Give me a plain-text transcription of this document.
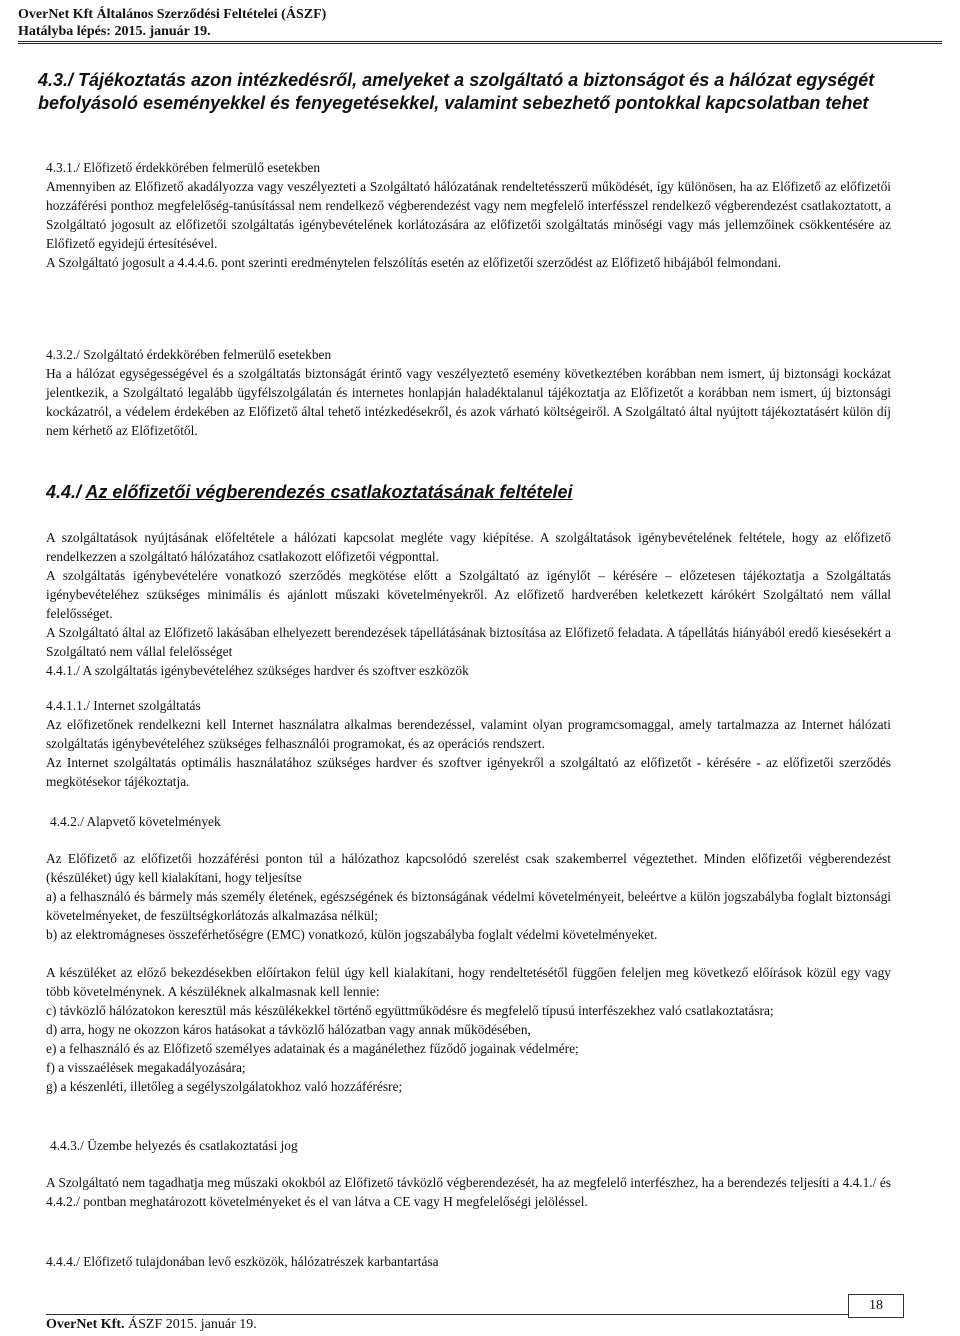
OverNet Kft Általános Szerződési Feltételei (ÁSZF)
Hatályba lépés: 2015. január 19.
4.3./ Tájékoztatás azon intézkedésről, amelyeket a szolgáltató a biztonságot és a hálózat egységét befolyásoló eseményekkel és fenyegetésekkel, valamint sebezhető pontokkal kapcsolatban tehet

4.3.1./ Előfizető érdekkörében felmerülő esetekben

Amennyiben az Előfizető akadályozza vagy veszélyezteti a Szolgáltató hálózatának rendeltetésszerű működését, így különösen, ha az Előfizető az előfizetői hozzáférési ponthoz megfelelőség-tanúsítással nem rendelkező végberendezést vagy nem megfelelő interfésszel rendelkező végberendezést csatlakoztatott, a Szolgáltató jogosult az előfizetői szolgáltatás igénybevételének korlátozására az előfizetői szolgáltatás minőségi vagy más jellemzőinek csökkentésére az Előfizető egyidejű értesítésével.

A Szolgáltató jogosult a 4.4.4.6. pont szerinti eredménytelen felszólítás esetén az előfizetői szerződést az Előfizető hibájából felmondani.

4.3.2./ Szolgáltató érdekkörében felmerülő esetekben

Ha a hálózat egységességével és a szolgáltatás biztonságát érintő vagy veszélyeztető esemény következtében korábban nem ismert, új biztonsági kockázat jelentkezik, a Szolgáltató legalább ügyfélszolgálatán és internetes honlapján haladéktalanul tájékoztatja az Előfizetőt a korábban nem ismert, új biztonsági kockázatról, a védelem érdekében az Előfizető által tehető intézkedésekről, és azok várható költségeiről. A Szolgáltató által nyújtott tájékoztatásért külön díj nem kérhető az Előfizetőtől.

4.4./ Az előfizetői végberendezés csatlakoztatásának feltételei

A szolgáltatások nyújtásának előfeltétele a hálózati kapcsolat megléte vagy kiépítése. A szolgáltatások igénybevételének feltétele, hogy az előfizető rendelkezzen a szolgáltató hálózatához csatlakozott előfizetői végponttal.

A szolgáltatás igénybevételére vonatkozó szerződés megkötése előtt a Szolgáltató az igénylőt – kérésére – előzetesen tájékoztatja a Szolgáltatás igénybevételéhez szükséges minimális és ajánlott műszaki követelményekről. Az előfizető hardverében keletkezett kárókért Szolgáltató nem vállal felelősséget.

A Szolgáltató által az Előfizető lakásában elhelyezett berendezések tápellátásának biztosítása az Előfizető feladata. A tápellátás hiányából eredő kiesésekért a Szolgáltató nem vállal felelősséget

4.4.1./ A szolgáltatás igénybevételéhez szükséges hardver és szoftver eszközök

4.4.1.1./ Internet szolgáltatás

Az előfizetőnek rendelkezni kell Internet használatra alkalmas berendezéssel, valamint olyan programcsomaggal, amely tartalmazza az Internet hálózati szolgáltatás igénybevételéhez szükséges felhasználói programokat, és az operációs rendszert.

Az Internet szolgáltatás optimális használatához szükséges hardver és szoftver igényekről a szolgáltató az előfizetőt - kérésére - az előfizetői szerződés megkötésekor tájékoztatja.

4.4.2./ Alapvető követelmények

Az Előfizető az előfizetői hozzáférési ponton túl a hálózathoz kapcsolódó szerelést csak szakemberrel végeztethet. Minden előfizetői végberendezést (készüléket) úgy kell kialakítani, hogy teljesítse

a) a felhasználó és bármely más személy életének, egészségének és biztonságának védelmi követelményeit, beleértve a külön jogszabályba foglalt biztonsági követelményeket, de feszültségkorlátozás alkalmazása nélkül;

b) az elektromágneses összeférhetőségre (EMC) vonatkozó, külön jogszabályba foglalt védelmi követelményeket.

A készüléket az előző bekezdésekben előírtakon felül úgy kell kialakítani, hogy rendeltetésétől függően feleljen meg következő előírások közül egy vagy több követelménynek. A készüléknek alkalmasnak kell lennie:

c) távközlő hálózatokon keresztül más készülékekkel történő együttműködésre és megfelelő típusú interfészekhez való csatlakoztatásra;

d) arra, hogy ne okozzon káros hatásokat a távközlő hálózatban vagy annak működésében,

e) a felhasználó és az Előfizető személyes adatainak és a magánélethez fűződő jogainak védelmére;

f) a visszaélések megakadályozására;

g) a készenléti, illetőleg a segélyszolgálatokhoz való hozzáférésre;

4.4.3./ Üzembe helyezés és csatlakoztatási jog

A Szolgáltató nem tagadhatja meg műszaki okokból az Előfizető távközlő végberendezését, ha az megfelelő interfészhez, ha a berendezés teljesíti a 4.4.1./ és 4.4.2./ pontban meghatározott követelményeket és el van látva a CE vagy H megfelelőségi jelöléssel.

4.4.4./ Előfizető tulajdonában levő eszközök, hálózatrészek karbantartása
18
OverNet Kft. ÁSZF 2015. január 19.
